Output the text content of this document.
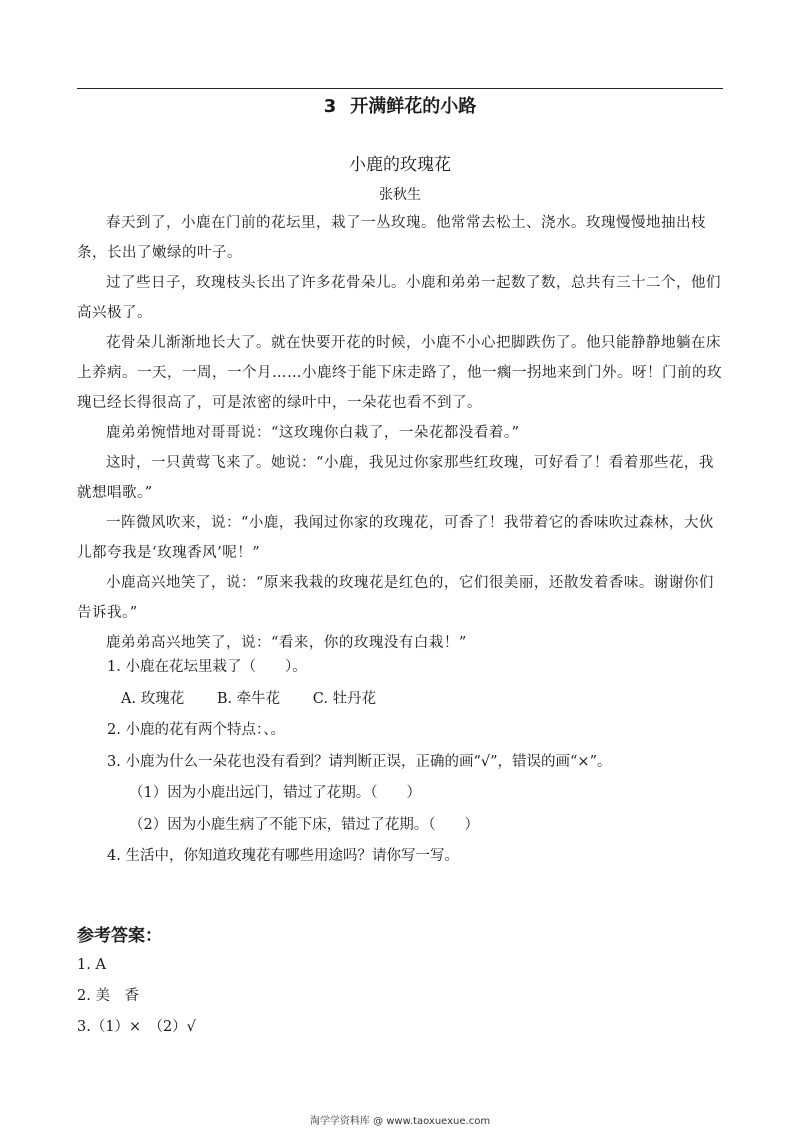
3 开满鲜花的小路
小鹿的玫瑰花
张秋生

春天到了，小鹿在门前的花坛里，栽了一丛玫瑰。他常常去松土、浇水。玫瑰慢慢地抽出枝条，长出了嫩绿的叶子。

过了些日子，玫瑰枝头长出了许多花骨朵儿。小鹿和弟弟一起数了数，总共有三十二个，他们高兴极了。

花骨朵儿渐渐地长大了。就在快要开花的时候，小鹿不小心把脚跌伤了。他只能静静地躺在床上养病。一天，一周，一个月……小鹿终于能下床走路了，他一瘸一拐地来到门外。呀！门前的玫瑰已经长得很高了，可是浓密的绿叶中，一朵花也看不到了。

鹿弟弟惋惜地对哥哥说：“这玫瑰你白栽了，一朵花都没看着。”

这时，一只黄莺飞来了。她说：“小鹿，我见过你家那些红玫瑰，可好看了！看着那些花，我就想唱歌。”

一阵微风吹来，说：“小鹿，我闻过你家的玫瑰花，可香了！我带着它的香味吹过森林，大伙儿都夸我是‘玫瑰香风’呢！”

小鹿高兴地笑了，说：“原来我栽的玫瑰花是红色的，它们很美丽，还散发着香味。谢谢你们告诉我。”

鹿弟弟高兴地笑了，说：“看来，你的玫瑰没有白栽！”

1. 小鹿在花坛里栽了（　　）。

A. 玫瑰花 B. 牵牛花 C. 牡丹花

2. 小鹿的花有两个特点：、。

3. 小鹿为什么一朵花也没有看到？请判断正误，正确的画“√”，错误的画“×”。

（1）因为小鹿出远门，错过了花期。（　　）

（2）因为小鹿生病了不能下床，错过了花期。（　　）

4. 生活中，你知道玫瑰花有哪些用途吗？请你写一写。

参考答案：

1. A

2. 美　香

3.（1）×　（2）√

淘学学资料库 @ www.taoxuexue.com
